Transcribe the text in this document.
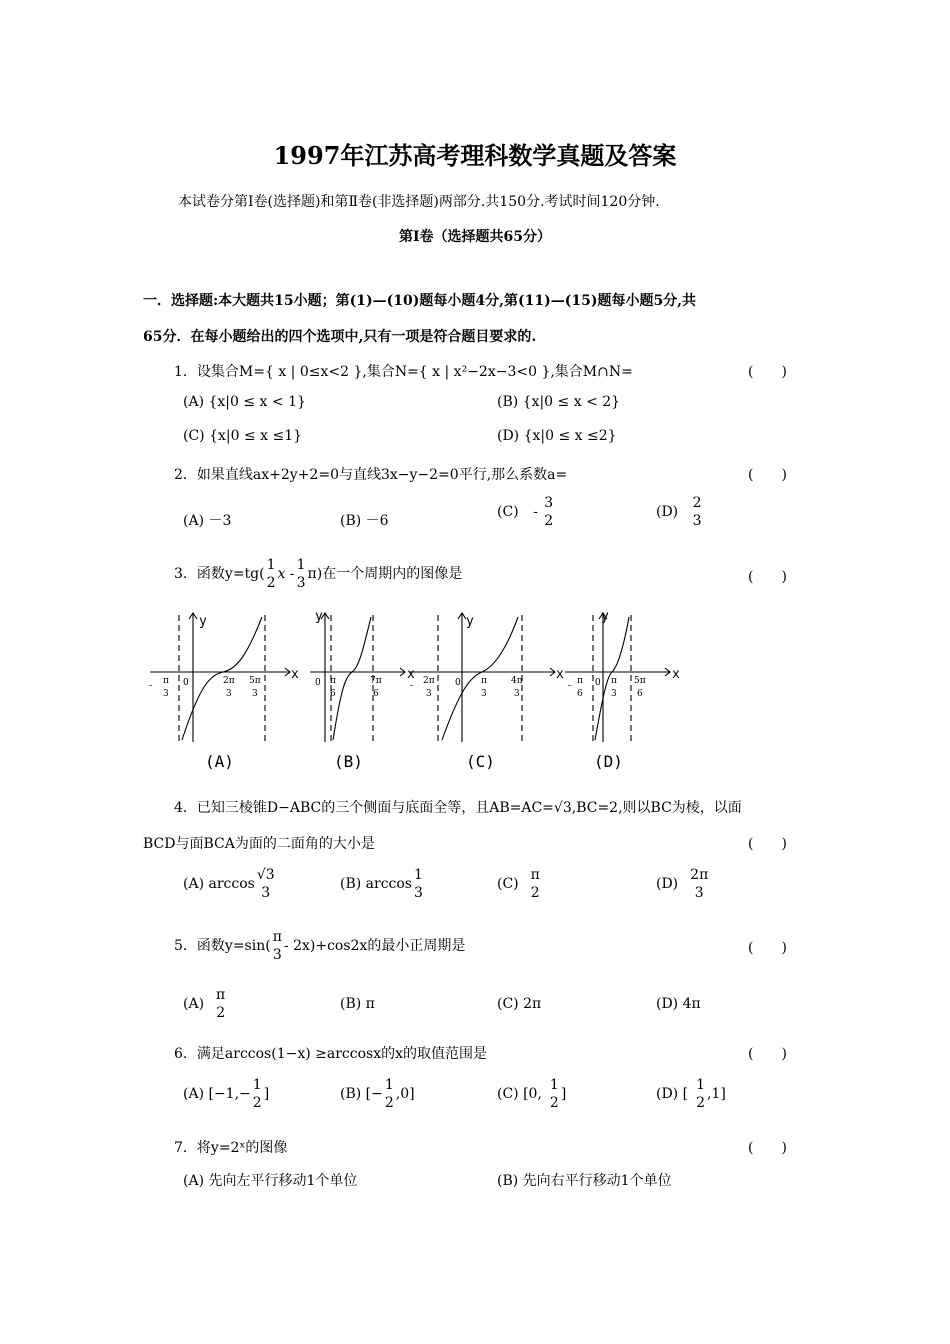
1997年江苏高考理科数学真题及答案
本试卷分第Ⅰ卷(选择题)和第Ⅱ卷(非选择题)两部分.共150分.考试时间120分钟.
第Ⅰ卷（选择题共65分）
一．选择题:本大题共15小题；第(1)—(10)题每小题4分,第(11)—(15)题每小题5分,共
65分．在每小题给出的四个选项中,只有一项是符合题目要求的.
1．设集合M={ x | 0≤x<2 },集合N={ x | x²−2x−3<0 },集合M∩N=	(　　)
(A) {x|0 ≤ x < 1}	(B) {x|0 ≤ x < 2}
(C) {x|0 ≤ x ≤1}	(D) {x|0 ≤ x ≤2}
2．如果直线ax+2y+2=0与直线3x−y−2=0平行,那么系数a=	(　　)
(A) －3	(B) －6
(C) -
3
2
(D)
2
3
3．函数y=tg(
1
2
x -
1
3
π)在一个周期内的图像是	(　　)
- π
3
0	2π
3
5π
3
0 π
6
7π
6
- 2π
3
0 π
3
4π
3
- π
6
0 π
3
5π
6
y
x
y
x
y
x
y
x
(A)	(B)	(C)	(D)
4．已知三棱锥D−ABC的三个侧面与底面全等，且AB=AC=√3,BC=2,则以BC为棱，以面
BCD与面BCA为面的二面角的大小是	(　　)
(A) arccos
√3
3
(B) arccos
1
3
(C)
π
2
(D)
2π
3
5．函数y=sin(
π
3
- 2x)+cos2x的最小正周期是	(　　)
(A)
π
2
(B) π	(C) 2π	(D) 4π
6．满足arccos(1−x) ≥arccosx的x的取值范围是	(　　)
(A) [−1,−
1
2
]	(B) [−
1
2
,0]	(C) [0,
1
2
]	(D) [
1
2
,1]
7．将y=2ˣ的图像	(　　)
(A) 先向左平行移动1个单位	(B) 先向右平行移动1个单位
